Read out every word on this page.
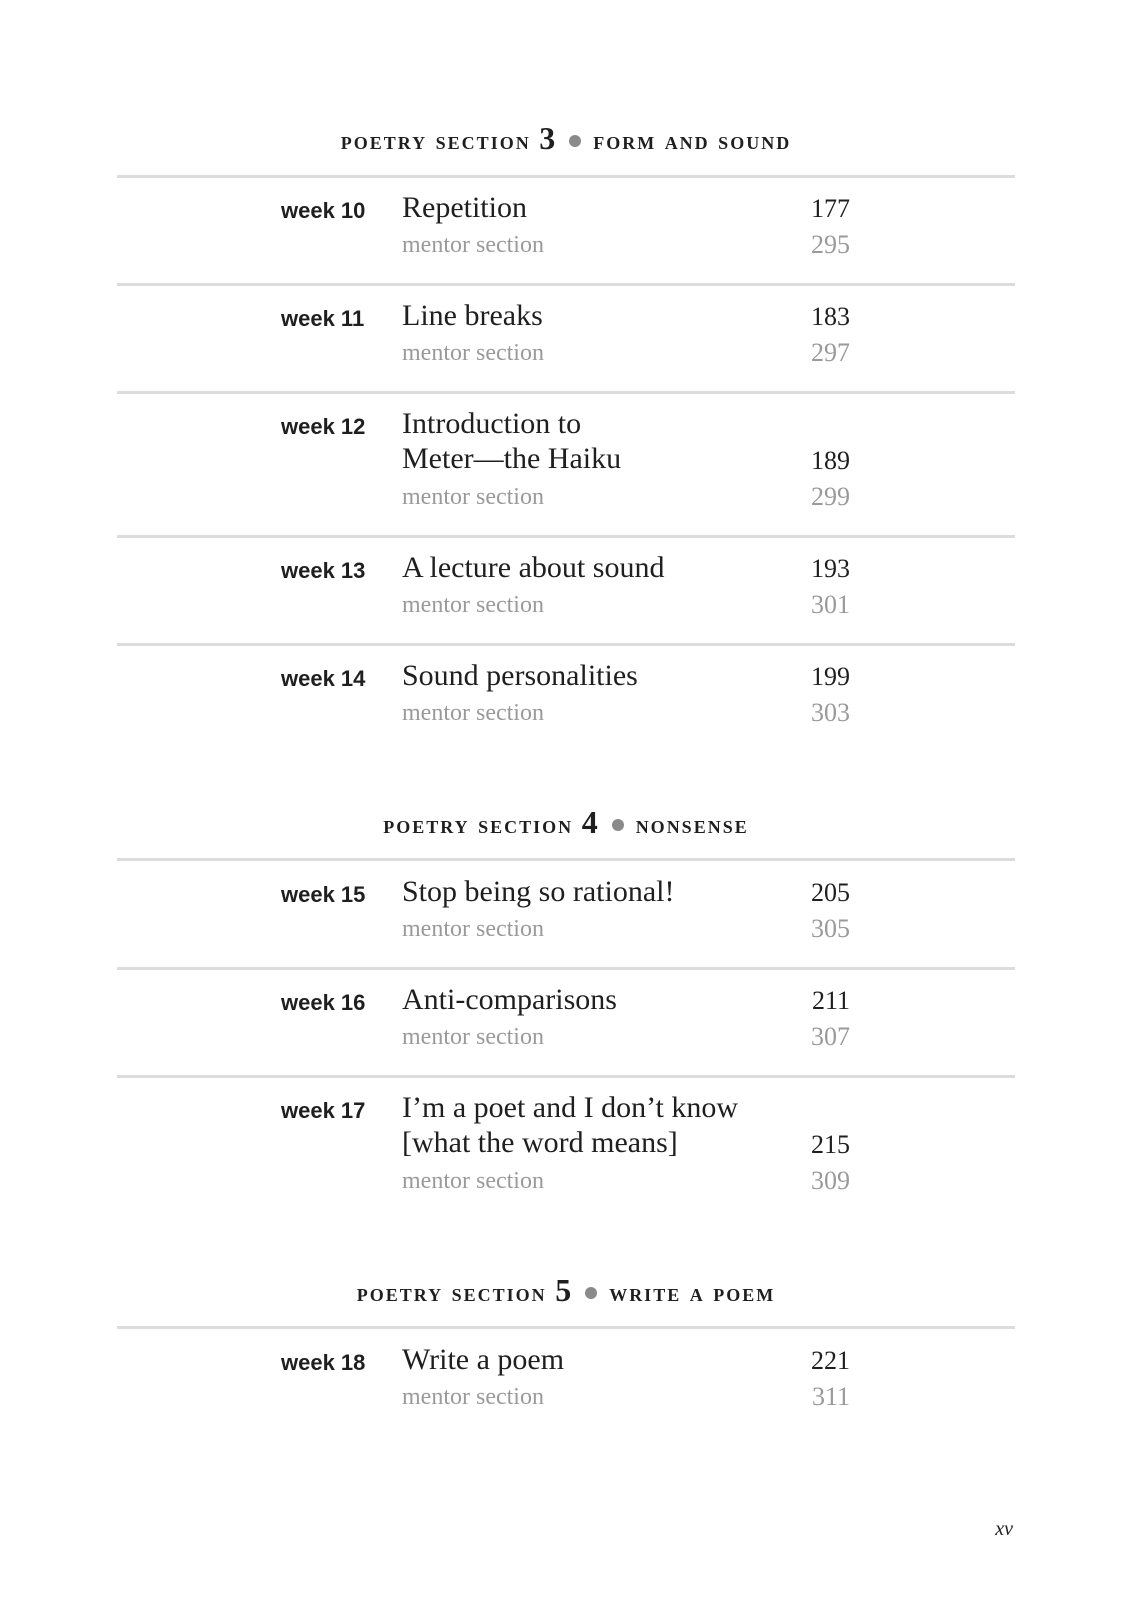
poetry section 3 form and sound
week 10 Repetition	177
mentor section	295
week 11 Line breaks	183
mentor section	297
week 12 Introduction to
Meter—the Haiku	189
mentor section	299
week 13 A lecture about sound	193
mentor section	301
week 14 Sound personalities	199
mentor section	303
poetry section 4 nonsense
week 15 Stop being so rational!	205
mentor section	305
week 16 Anti-comparisons	211
mentor section	307
week 17 I’m a poet and I don’t know
[what the word means]	215
mentor section	309
poetry section 5 write a poem
week 18 Write a poem	221
mentor section	311
xv
